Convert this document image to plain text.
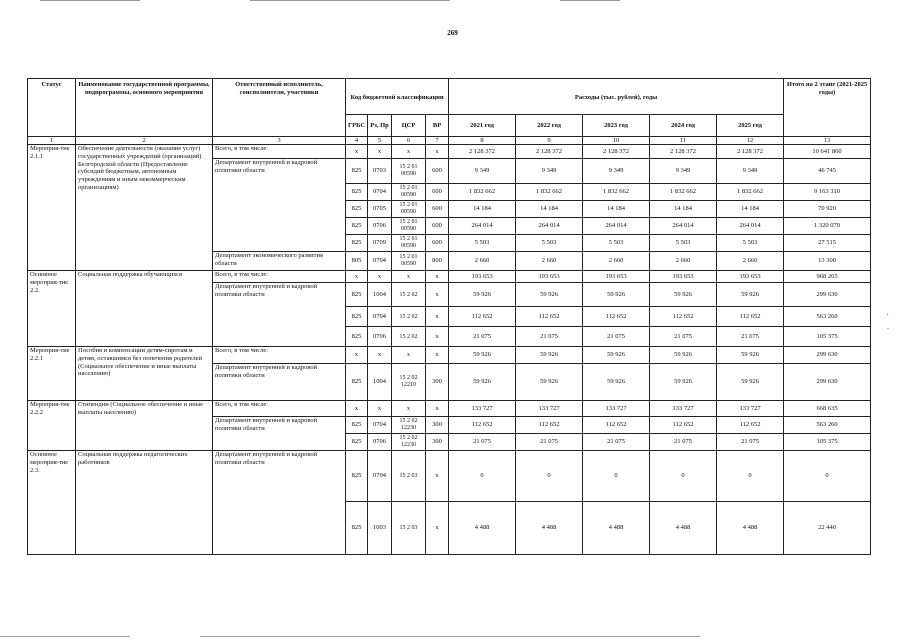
'
.
269
Статус	Наименование государственной программы, подпрограммы, основного мероприятия	Ответственный исполнитель, соисполнители, участники	Код бюджетной классификации				Расходы (тыс. рублей), годы					Итого на 2 этапе (2021-2025 годы)
			ГРБС	Рз, Пр	ЦСР	ВР	2021 год	2022 год	2023 год	2024 год	2025 год	
1	2	3	4	5	6	7	8	9	10	11	12	13
Мероприя-тие 2.1.1	Обеспечение деятельности (оказание услуг) государственных учреждений (организаций) Белгородской области (Предоставление субсидий бюджетным, автономным учреждениям и иным некоммерческим организациям)	Всего, в том числе:	x	x	x	x	2 128 372	2 128 372	2 128 372	2 128 372	2 128 372	10 641 860
		Департамент внутренней и кадровой политики области	825	0703	15 2 01 00590	600	9 349	9 349	9 349	9 349	9 349	46 745
			825	0704	15 2 01 00590	600	1 832 662	1 832 662	1 832 662	1 832 662	1 832 662	9 163 310
			825	0705	15 2 01 00590	600	14 184	14 184	14 184	14 184	14 184	70 920
			825	0706	15 2 01 00590	600	264 014	264 014	264 014	264 014	264 014	1 320 070
			825	0709	15 2 01 00590	600	5 503	5 503	5 503	5 503	5 503	27 515
		Департамент экономического развития области	805	0704	15 2 01 00590	800	2 660	2 660	2 660	2 660	2 660	13 300
Основное мероприя-тие 2.2.	Социальная поддержка обучающихся	Всего, в том числе:	x	x	x	x	193 653	193 653	193 653	193 653	193 653	968 265
		Департамент внутренней и кадровой политики области	825	1004	15 2 02	x	59 926	59 926	59 926	59 926	59 926	299 630
			825	0704	15 2 02	x	112 652	112 652	112 652	112 652	112 652	563 260
			825	0706	15 2 02	x	21 075	21 075	21 075	21 075	21 075	105 375
Мероприя-тие 2.2.1	Пособия и компенсации детям-сиротам и детям, оставшимся без попечения родителей (Социальное обеспечение и иные выплаты населению)	Всего, в том числе:	x	x	x	x	59 926	59 926	59 926	59 926	59 926	299 630
		Департамент внутренней и кадровой политики области	825	1004	15 2 02 12210	300	59 926	59 926	59 926	59 926	59 926	299 630
Мероприя-тие 2.2.2	Стипендии (Социальное обеспечение и иные выплаты населению)	Всего, в том числе:	x	x	x	x	133 727	133 727	133 727	133 727	133 727	668 635
		Департамент внутренней и кадровой политики области	825	0704	15 2 02 12230	300	112 652	112 652	112 652	112 652	112 652	563 260
			825	0706	15 2 02 12230	300	21 075	21 075	21 075	21 075	21 075	105 375
Основное мероприя-тие 2.3.	Социальная поддержка педагогических работников	Департамент внутренней и кадровой политики области	825	0704	15 2 03	x	0	0	0	0	0	0
			825	1003	15 2 03	x	4 488	4 488	4 488	4 488	4 488	22 440
